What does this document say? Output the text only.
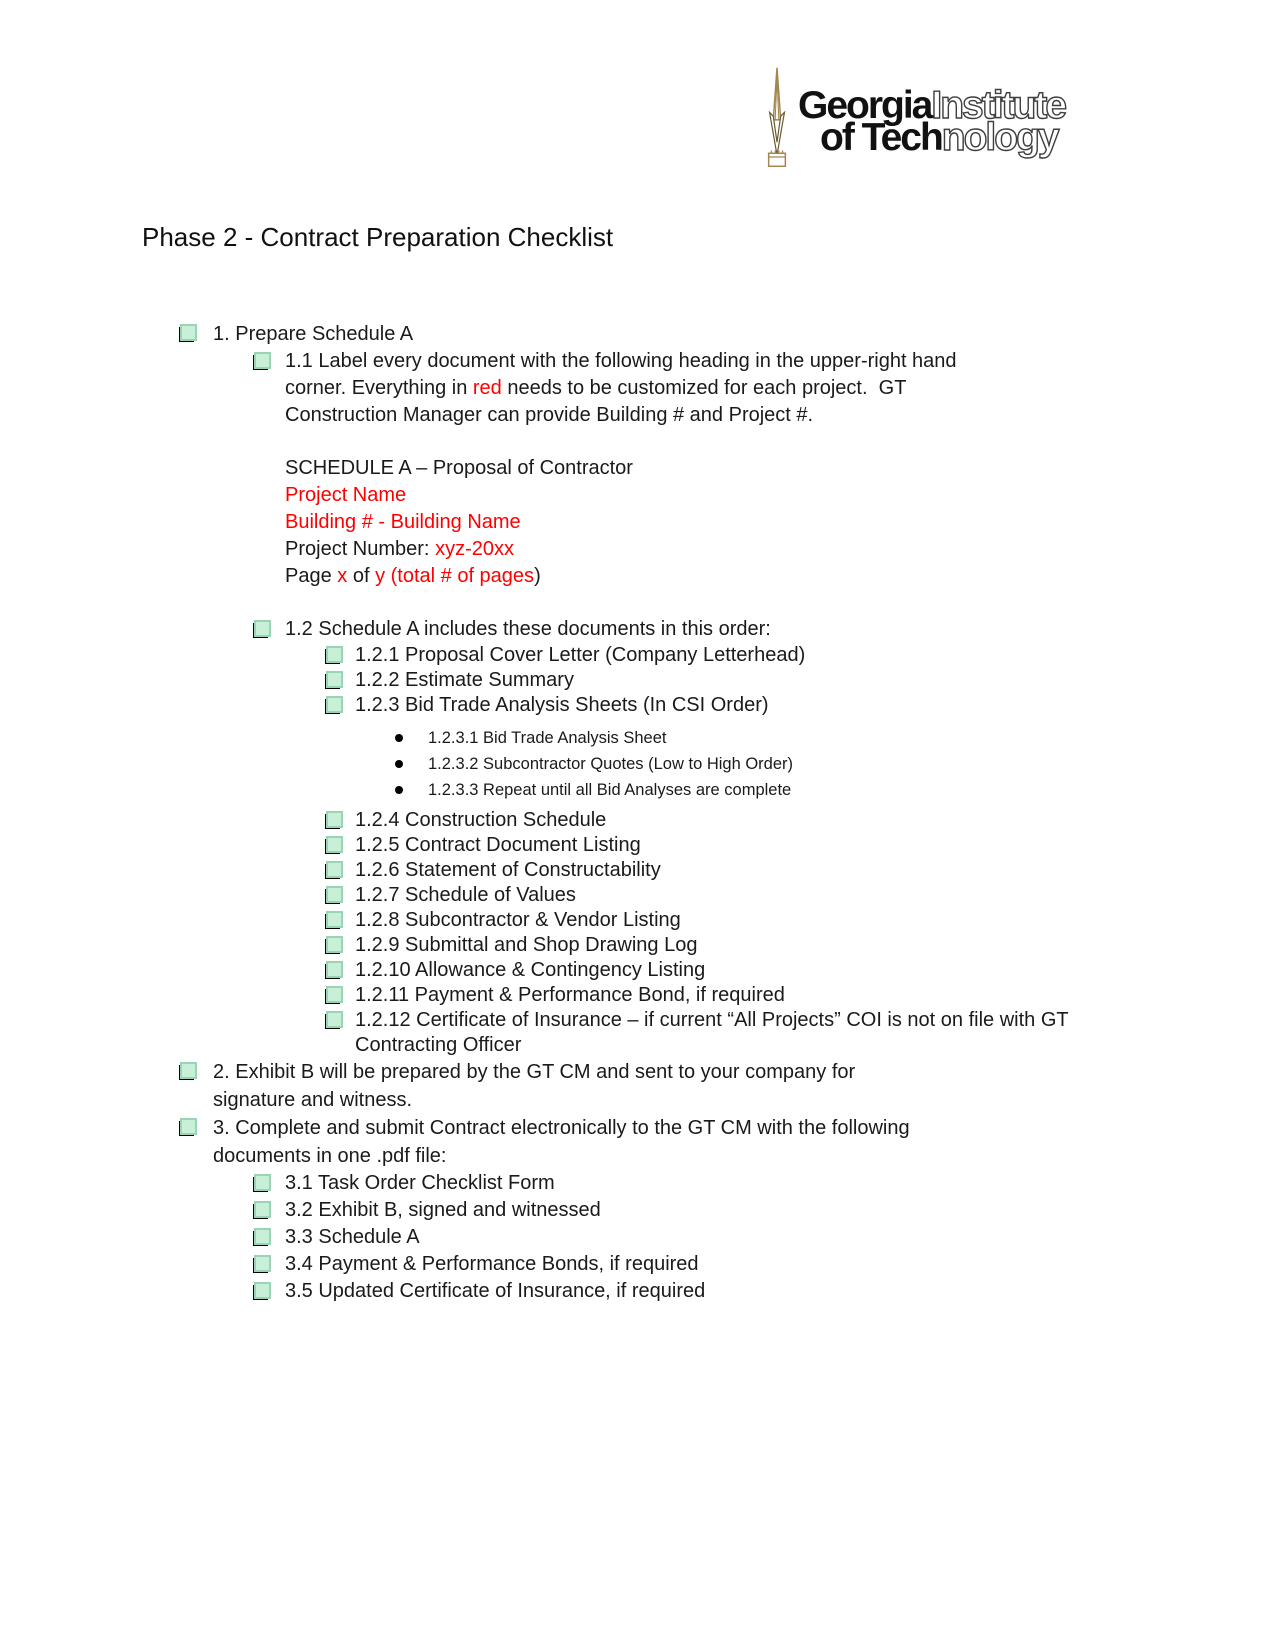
GeorgiaInstitute
of Technology
Phase 2 - Contract Preparation Checklist
1. Prepare Schedule A
1.1 Label every document with the following heading in the upper-right hand
corner. Everything in red needs to be customized for each project.  GT
Construction Manager can provide Building # and Project #.
SCHEDULE A – Proposal of Contractor
Project Name
Building # - Building Name
Project Number: xyz-20xx
Page x of y (total # of pages)
1.2 Schedule A includes these documents in this order:
1.2.1 Proposal Cover Letter (Company Letterhead)
1.2.2 Estimate Summary
1.2.3 Bid Trade Analysis Sheets (In CSI Order)
1.2.3.1 Bid Trade Analysis Sheet
1.2.3.2 Subcontractor Quotes (Low to High Order)
1.2.3.3 Repeat until all Bid Analyses are complete
1.2.4 Construction Schedule
1.2.5 Contract Document Listing
1.2.6 Statement of Constructability
1.2.7 Schedule of Values
1.2.8 Subcontractor & Vendor Listing
1.2.9 Submittal and Shop Drawing Log
1.2.10 Allowance & Contingency Listing
1.2.11 Payment & Performance Bond, if required
1.2.12 Certificate of Insurance – if current “All Projects” COI is not on file with GT
Contracting Officer
2. Exhibit B will be prepared by the GT CM and sent to your company for
signature and witness.
3. Complete and submit Contract electronically to the GT CM with the following
documents in one .pdf file:
3.1 Task Order Checklist Form
3.2 Exhibit B, signed and witnessed
3.3 Schedule A
3.4 Payment & Performance Bonds, if required
3.5 Updated Certificate of Insurance, if required
